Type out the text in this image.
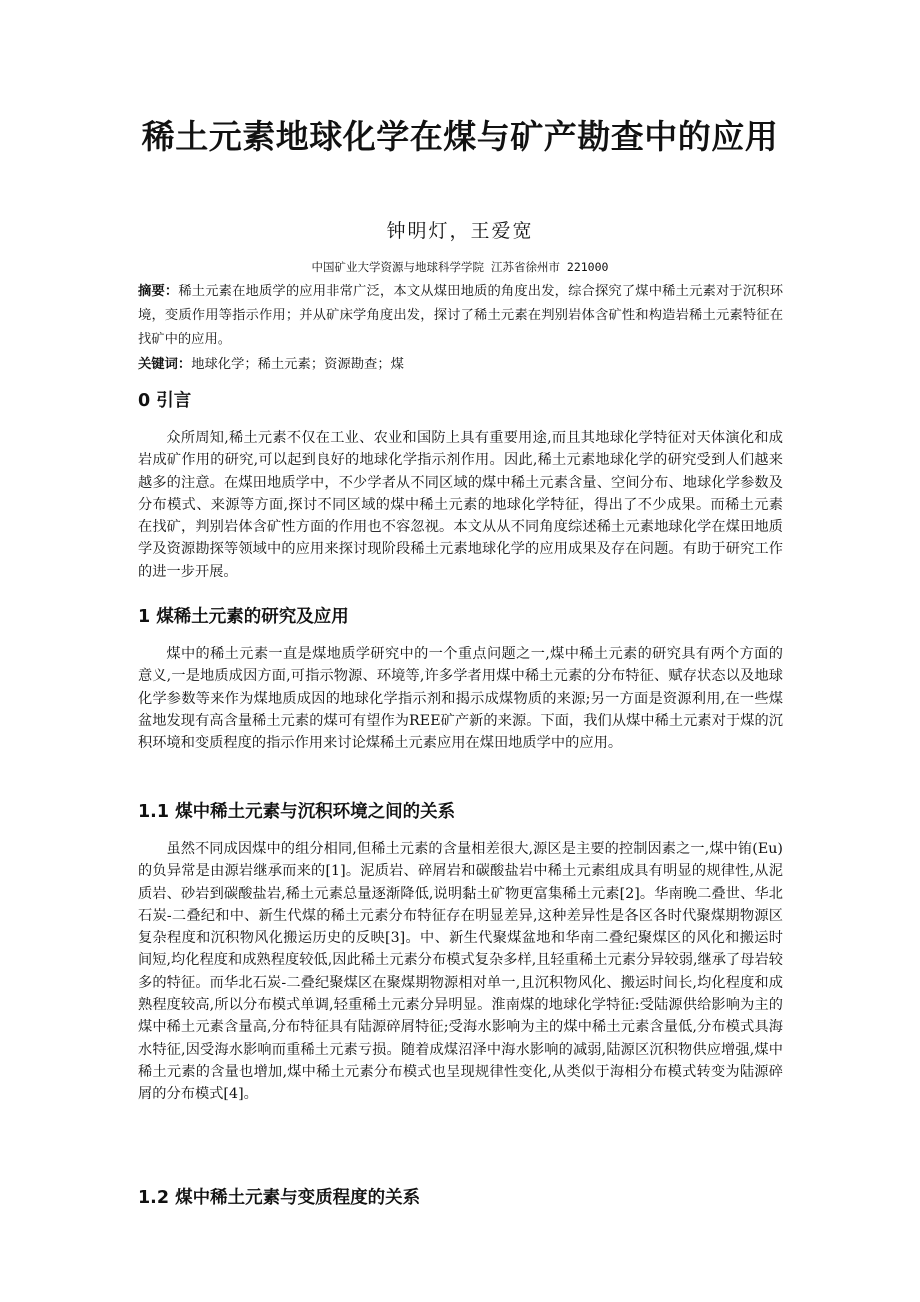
稀土元素地球化学在煤与矿产勘查中的应用
钟明灯，王爱宽
中国矿业大学资源与地球科学学院 江苏省徐州市 221000

摘要：稀土元素在地质学的应用非常广泛，本文从煤田地质的角度出发，综合探究了煤中稀土元素对于沉积环境，变质作用等指示作用；并从矿床学角度出发，探讨了稀土元素在判别岩体含矿性和构造岩稀土元素特征在找矿中的应用。

关键词：地球化学；稀土元素；资源勘查；煤

0 引言

众所周知,稀土元素不仅在工业、农业和国防上具有重要用途,而且其地球化学特征对天体演化和成岩成矿作用的研究,可以起到良好的地球化学指示剂作用。因此,稀土元素地球化学的研究受到人们越来越多的注意。在煤田地质学中，不少学者从不同区域的煤中稀土元素含量、空间分布、地球化学参数及分布模式、来源等方面,探讨不同区域的煤中稀土元素的地球化学特征，得出了不少成果。而稀土元素在找矿，判别岩体含矿性方面的作用也不容忽视。本文从从不同角度综述稀土元素地球化学在煤田地质学及资源勘探等领域中的应用来探讨现阶段稀土元素地球化学的应用成果及存在问题。有助于研究工作的进一步开展。

1 煤稀土元素的研究及应用

煤中的稀土元素一直是煤地质学研究中的一个重点问题之一,煤中稀土元素的研究具有两个方面的意义,一是地质成因方面,可指示物源、环境等,许多学者用煤中稀土元素的分布特征、赋存状态以及地球化学参数等来作为煤地质成因的地球化学指示剂和揭示成煤物质的来源;另一方面是资源利用,在一些煤盆地发现有高含量稀土元素的煤可有望作为REE矿产新的来源。下面，我们从煤中稀土元素对于煤的沉积环境和变质程度的指示作用来讨论煤稀土元素应用在煤田地质学中的应用。

1.1 煤中稀土元素与沉积环境之间的关系

虽然不同成因煤中的组分相同,但稀土元素的含量相差很大,源区是主要的控制因素之一,煤中铕(Eu)的负异常是由源岩继承而来的[1]。泥质岩、碎屑岩和碳酸盐岩中稀土元素组成具有明显的规律性,从泥质岩、砂岩到碳酸盐岩,稀土元素总量逐渐降低,说明黏土矿物更富集稀土元素[2]。华南晚二叠世、华北石炭-二叠纪和中、新生代煤的稀土元素分布特征存在明显差异,这种差异性是各区各时代聚煤期物源区复杂程度和沉积物风化搬运历史的反映[3]。中、新生代聚煤盆地和华南二叠纪聚煤区的风化和搬运时间短,均化程度和成熟程度较低,因此稀土元素分布模式复杂多样,且轻重稀土元素分异较弱,继承了母岩较多的特征。而华北石炭-二叠纪聚煤区在聚煤期物源相对单一,且沉积物风化、搬运时间长,均化程度和成熟程度较高,所以分布模式单调,轻重稀土元素分异明显。淮南煤的地球化学特征:受陆源供给影响为主的煤中稀土元素含量高,分布特征具有陆源碎屑特征;受海水影响为主的煤中稀土元素含量低,分布模式具海水特征,因受海水影响而重稀土元素亏损。随着成煤沼泽中海水影响的减弱,陆源区沉积物供应增强,煤中稀土元素的含量也增加,煤中稀土元素分布模式也呈现规律性变化,从类似于海相分布模式转变为陆源碎屑的分布模式[4]。

1.2 煤中稀土元素与变质程度的关系
